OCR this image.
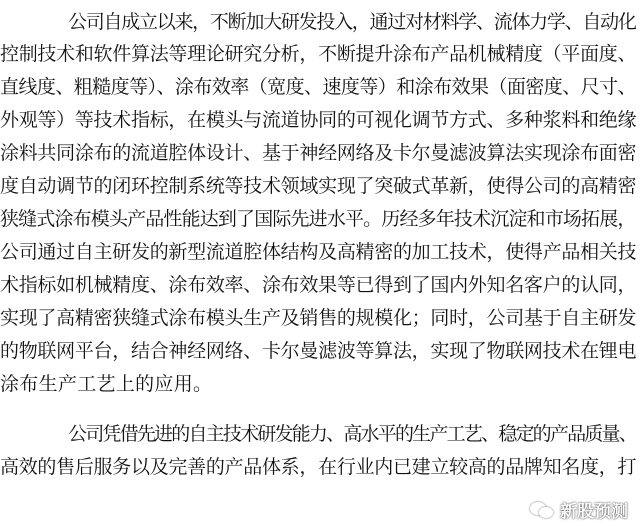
公司自成立以来，不断加大研发投入，通过对材料学、流体力学、自动化
控制技术和软件算法等理论研究分析，不断提升涂布产品机械精度（平面度、
直线度、粗糙度等）、涂布效率（宽度、速度等）和涂布效果（面密度、尺寸、
外观等）等技术指标，在模头与流道协同的可视化调节方式、多种浆料和绝缘
涂料共同涂布的流道腔体设计、基于神经网络及卡尔曼滤波算法实现涂布面密
度自动调节的闭环控制系统等技术领域实现了突破式革新，使得公司的高精密
狭缝式涂布模头产品性能达到了国际先进水平。历经多年技术沉淀和市场拓展，
公司通过自主研发的新型流道腔体结构及高精密的加工技术，使得产品相关技
术指标如机械精度、涂布效率、涂布效果等已得到了国内外知名客户的认同，
实现了高精密狭缝式涂布模头生产及销售的规模化；同时，公司基于自主研发
的物联网平台，结合神经网络、卡尔曼滤波等算法，实现了物联网技术在锂电
涂布生产工艺上的应用。
公司凭借先进的自主技术研发能力、高水平的生产工艺、稳定的产品质量、
高效的售后服务以及完善的产品体系，在行业内已建立较高的品牌知名度，打
新股预测
